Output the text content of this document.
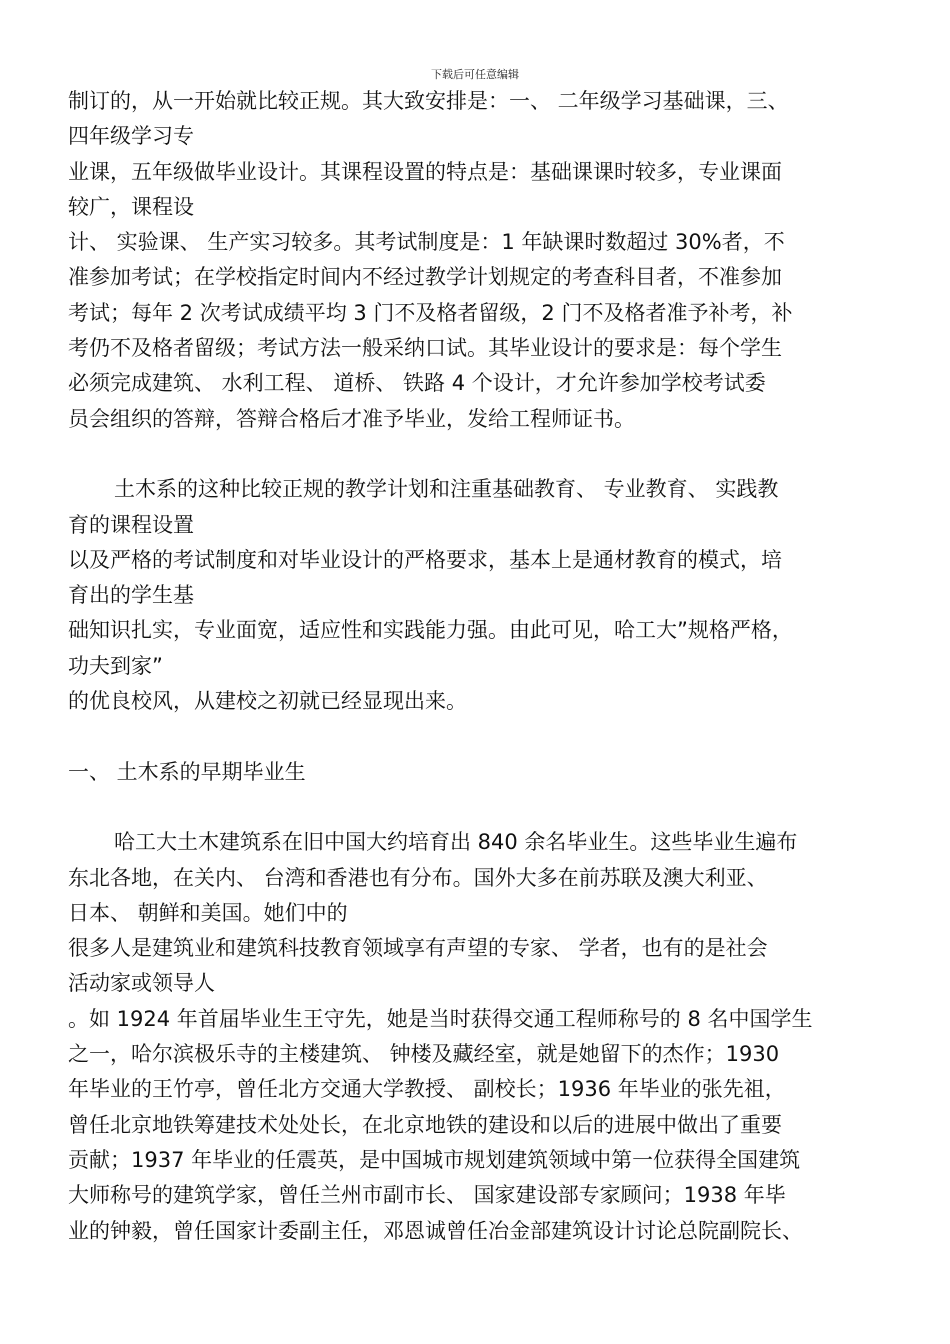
下载后可任意编辑
制订的，从一开始就比较正规。其大致安排是：一、 二年级学习基础课，三、
四年级学习专
业课，五年级做毕业设计。其课程设置的特点是：基础课课时较多，专业课面
较广，课程设
计、 实验课、 生产实习较多。其考试制度是：1 年缺课时数超过 30%者，不
准参加考试；在学校指定时间内不经过教学计划规定的考查科目者，不准参加
考试；每年 2 次考试成绩平均 3 门不及格者留级，2 门不及格者准予补考，补
考仍不及格者留级；考试方法一般采纳口试。其毕业设计的要求是：每个学生
必须完成建筑、 水利工程、 道桥、 铁路 4 个设计，才允许参加学校考试委
员会组织的答辩，答辩合格后才准予毕业，发给工程师证书。
土木系的这种比较正规的教学计划和注重基础教育、 专业教育、 实践教
育的课程设置
以及严格的考试制度和对毕业设计的严格要求，基本上是通材教育的模式，培
育出的学生基
础知识扎实，专业面宽，适应性和实践能力强。由此可见，哈工大”规格严格，
功夫到家”
的优良校风，从建校之初就已经显现出来。
一、 土木系的早期毕业生
哈工大土木建筑系在旧中国大约培育出 840 余名毕业生。这些毕业生遍布
东北各地，在关内、 台湾和香港也有分布。国外大多在前苏联及澳大利亚、
日本、 朝鲜和美国。她们中的
很多人是建筑业和建筑科技教育领域享有声望的专家、 学者，也有的是社会
活动家或领导人
。如 1924 年首届毕业生王守先，她是当时获得交通工程师称号的 8 名中国学生
之一，哈尔滨极乐寺的主楼建筑、 钟楼及藏经室，就是她留下的杰作；1930
年毕业的王竹亭，曾任北方交通大学教授、 副校长；1936 年毕业的张先祖，
曾任北京地铁筹建技术处处长，在北京地铁的建设和以后的进展中做出了重要
贡献；1937 年毕业的任震英，是中国城市规划建筑领域中第一位获得全国建筑
大师称号的建筑学家，曾任兰州市副市长、 国家建设部专家顾问；1938 年毕
业的钟毅，曾任国家计委副主任，邓恩诚曾任冶金部建筑设计讨论总院副院长、
